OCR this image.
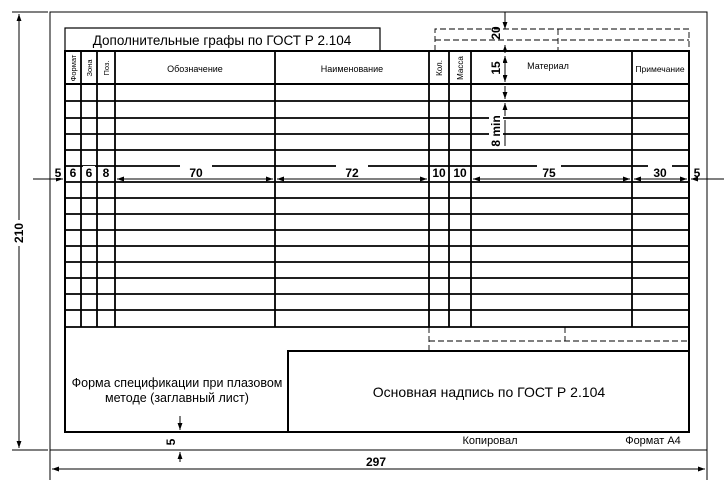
Дополнительные графы по ГОСТ Р 2.104
Формат Зона Поз.	Обозначение	Наименование	Кол. Масса	Материал	Примечание
5 6 6 8	70	72	10 10	75	30 5
20
15
8 min
Основная надпись по ГОСТ Р 2.104
Форма спецификации при плазовом
методе (заглавный лист)
5	Копировал	Формат А4
210
297
